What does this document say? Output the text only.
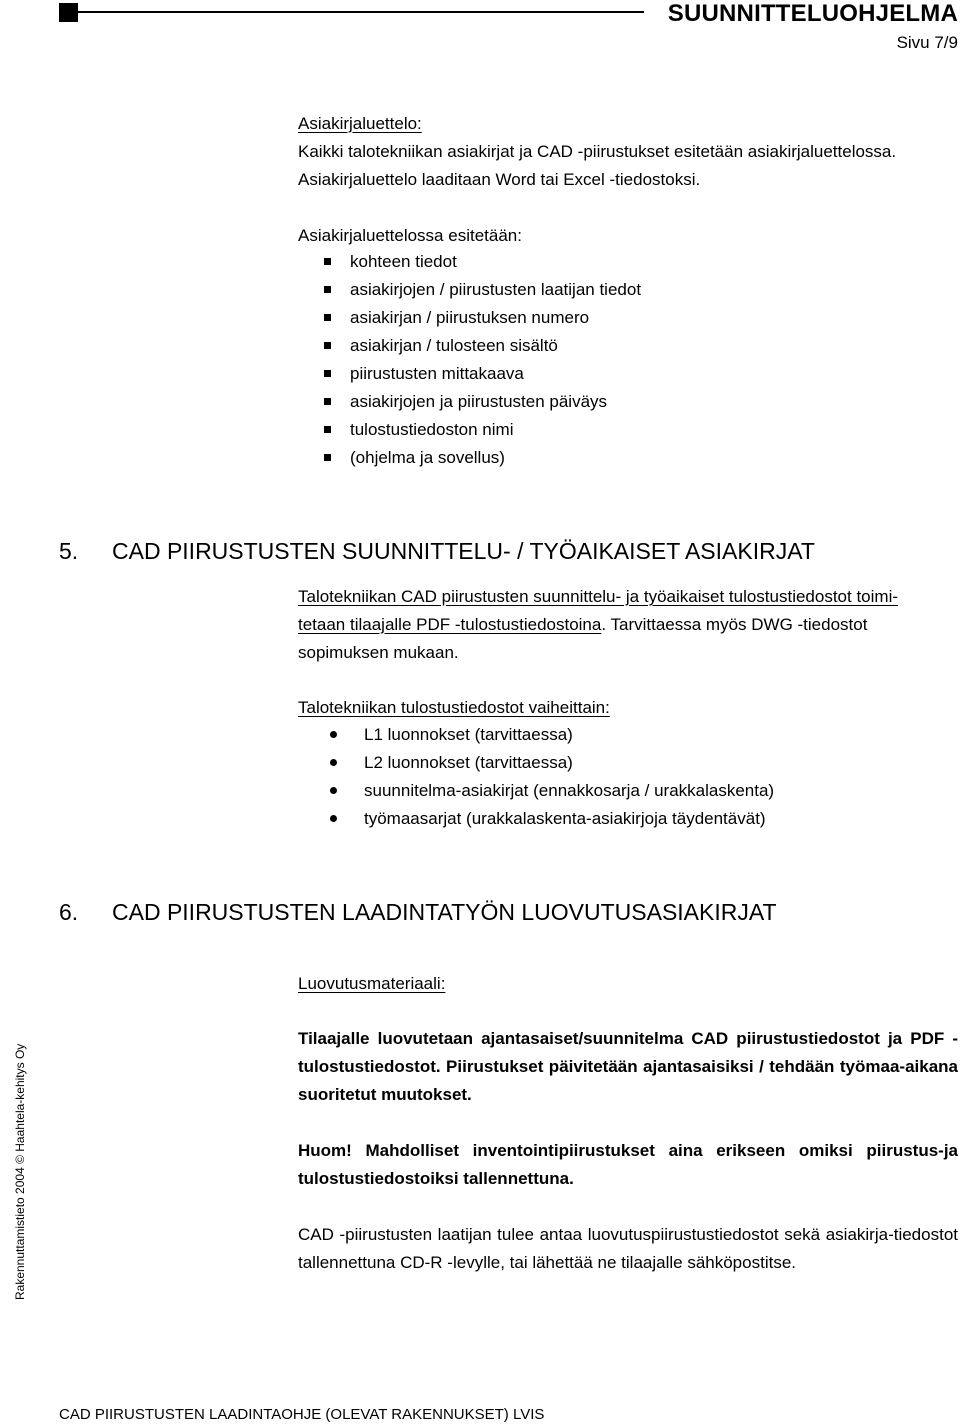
SUUNNITTELUOHJELMA
Sivu 7/9
Asiakirjaluettelo:
Kaikki talotekniikan asiakirjat ja CAD -piirustukset esitetään asiakirjaluettelossa.
Asiakirjaluettelo laaditaan Word tai Excel -tiedostoksi.
Asiakirjaluettelossa esitetään:
kohteen tiedot
asiakirjojen / piirustusten laatijan tiedot
asiakirjan / piirustuksen numero
asiakirjan / tulosteen sisältö
piirustusten mittakaava
asiakirjojen ja piirustusten päiväys
tulostustiedoston nimi
(ohjelma ja sovellus)
5. CAD PIIRUSTUSTEN SUUNNITTELU- / TYÖAIKAISET ASIAKIRJAT
Talotekniikan CAD piirustusten suunnittelu- ja työaikaiset tulostustiedostot toimi-
tetaan tilaajalle PDF -tulostustiedostoina. Tarvittaessa myös DWG -tiedostot
sopimuksen mukaan.
Talotekniikan tulostustiedostot vaiheittain:
L1 luonnokset (tarvittaessa)
L2 luonnokset (tarvittaessa)
suunnitelma-asiakirjat (ennakkosarja / urakkalaskenta)
työmaasarjat (urakkalaskenta-asiakirjoja täydentävät)
6. CAD PIIRUSTUSTEN LAADINTATYÖN LUOVUTUSASIAKIRJAT
Luovutusmateriaali:
Tilaajalle luovutetaan ajantasaiset/suunnitelma CAD piirustustiedostot ja PDF -tulostustiedostot. Piirustukset päivitetään ajantasaisiksi / tehdään työmaa-aikana suoritetut muutokset.
Huom! Mahdolliset inventointipiirustukset aina erikseen omiksi piirustus-ja tulostustiedostoiksi tallennettuna.
CAD -piirustusten laatijan tulee antaa luovutuspiirustustiedostot sekä asiakirja-tiedostot tallennettuna CD-R -levylle, tai lähettää ne tilaajalle sähköpostitse.
Rakennuttamistieto 2004 © Haahtela-kehitys Oy
CAD PIIRUSTUSTEN LAADINTAOHJE (OLEVAT RAKENNUKSET) LVIS
